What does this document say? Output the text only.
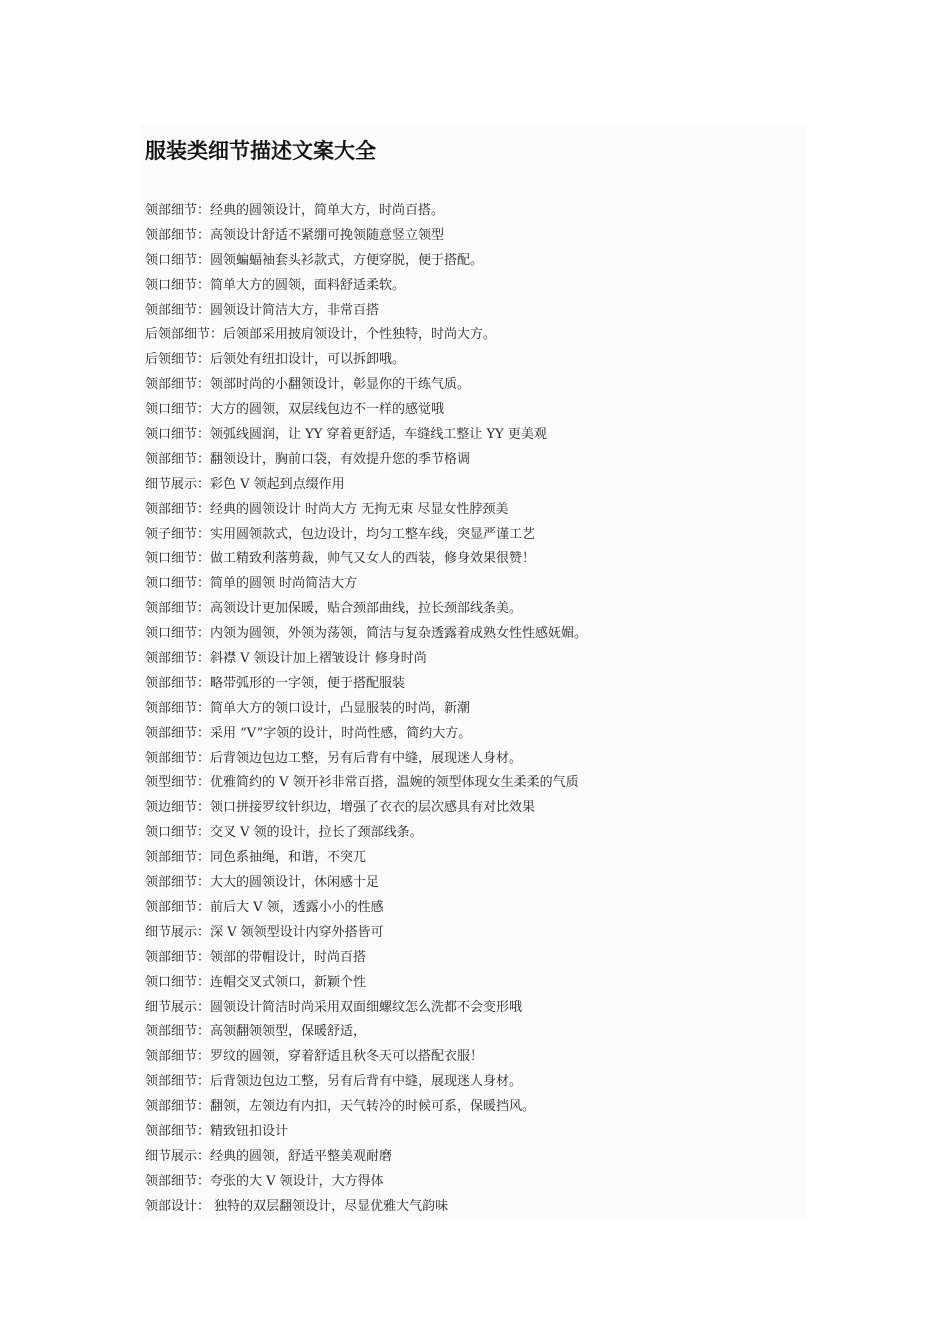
服装类细节描述文案大全
领部细节：经典的圆领设计，简单大方，时尚百搭。
领部细节：高领设计舒适不紧绷可挽领随意竖立领型
领口细节：圆领蝙蝠袖套头衫款式，方便穿脱，便于搭配。
领口细节：简单大方的圆领，面料舒适柔软。
领部细节：圆领设计简洁大方，非常百搭
后领部细节：后领部采用披肩领设计，个性独特，时尚大方。
后领细节：后领处有纽扣设计，可以拆卸哦。
领部细节：领部时尚的小翻领设计，彰显你的干练气质。
领口细节：大方的圆领，双层线包边不一样的感觉哦
领口细节：领弧线圆润，让 YY 穿着更舒适，车缝线工整让 YY 更美观
领部细节：翻领设计，胸前口袋，有效提升您的季节格调
细节展示：彩色 V 领起到点缀作用
领部细节：经典的圆领设计 时尚大方 无拘无束 尽显女性脖颈美
领子细节：实用圆领款式，包边设计，均匀工整车线，突显严谨工艺
领口细节：做工精致利落剪裁，帅气又女人的西装，修身效果很赞！
领口细节：简单的圆领 时尚简洁大方
领部细节：高领设计更加保暖，贴合颈部曲线，拉长颈部线条美。
领口细节：内领为圆领，外领为荡领，简洁与复杂透露着成熟女性性感妩媚。
领部细节：斜襟 V 领设计加上褶皱设计 修身时尚
领部细节：略带弧形的一字领，便于搭配服装
领部细节：简单大方的领口设计，凸显服装的时尚，新潮
领部细节：采用 “V”字领的设计，时尚性感，简约大方。
领部细节：后背领边包边工整，另有后背有中缝，展现迷人身材。
领型细节：优雅简约的 V 领开衫非常百搭，温婉的领型体现女生柔柔的气质
领边细节：领口拼接罗纹针织边，增强了衣衣的层次感具有对比效果
领口细节：交叉 V 领的设计，拉长了颈部线条。
领部细节：同色系抽绳，和谐，不突兀
领部细节：大大的圆领设计，休闲感十足
领部细节：前后大 V 领，透露小小的性感
细节展示：深 V 领领型设计内穿外搭皆可
领部细节：领部的带帽设计，时尚百搭
领口细节：连帽交叉式领口，新颖个性
细节展示：圆领设计简洁时尚采用双面细螺纹怎么洗都不会变形哦
领部细节：高领翻领领型，保暖舒适，
领部细节：罗纹的圆领，穿着舒适且秋冬天可以搭配衣服！
领部细节：后背领边包边工整，另有后背有中缝，展现迷人身材。
领部细节：翻领，左领边有内扣，天气转冷的时候可系，保暖挡风。
领部细节：精致钮扣设计
细节展示：经典的圆领，舒适平整美观耐磨
领部细节：夸张的大 V 领设计，大方得体
领部设计： 独特的双层翻领设计，尽显优雅大气韵味
